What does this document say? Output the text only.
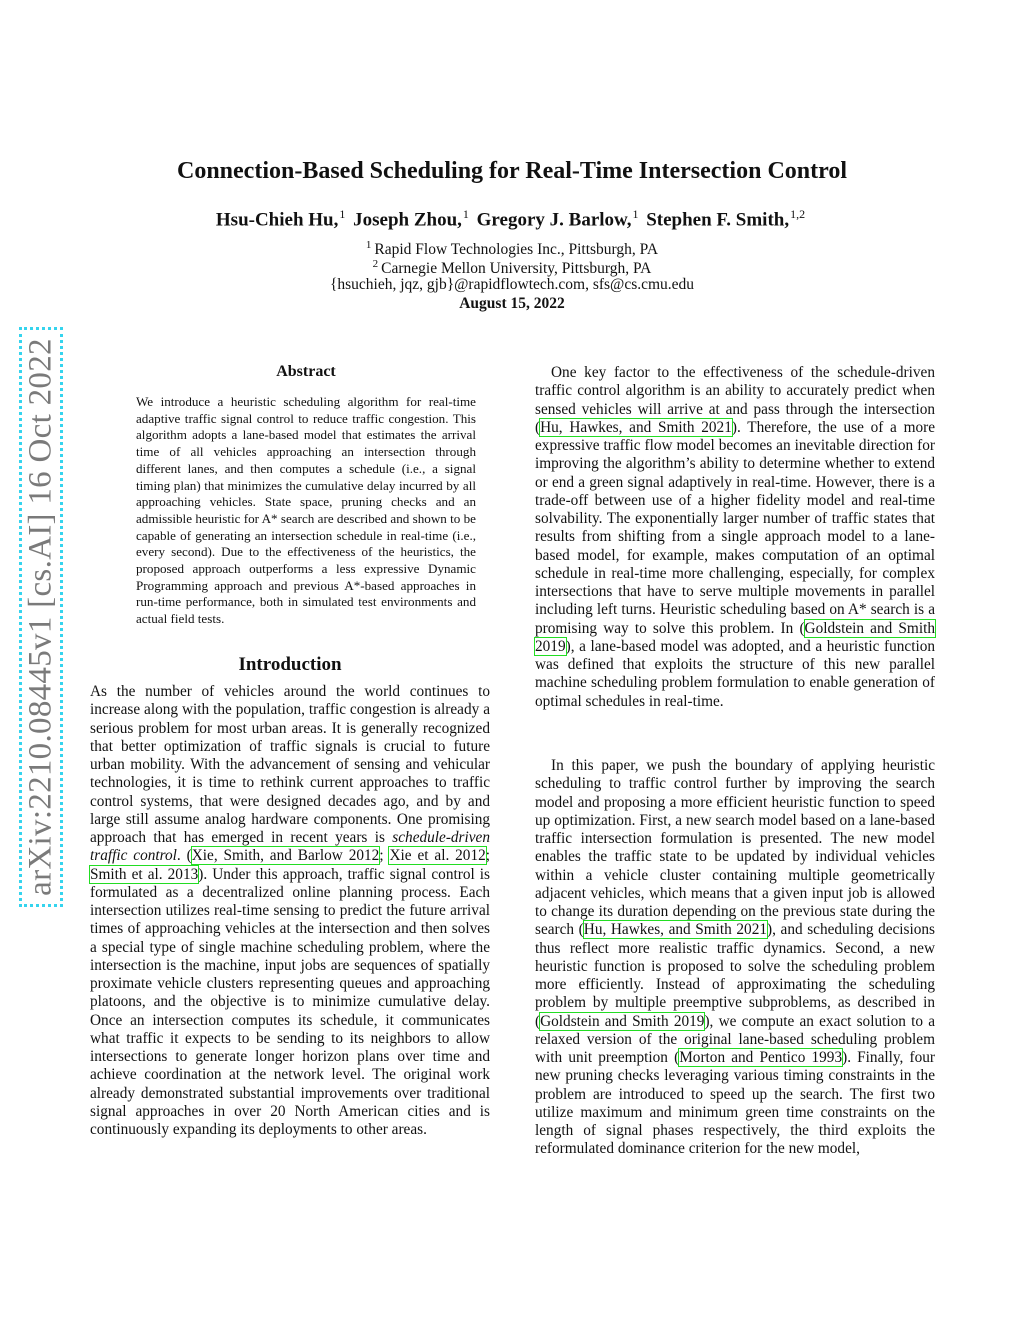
arXiv:2210.08445v1 [cs.AI] 16 Oct 2022
Connection-Based Scheduling for Real-Time Intersection Control
Hsu-Chieh Hu,$^1$ Joseph Zhou,$^1$ Gregory J. Barlow,$^1$ Stephen F. Smith,$^{1,2}$
$^1$ Rapid Flow Technologies Inc., Pittsburgh, PA
$^2$ Carnegie Mellon University, Pittsburgh, PA
{hsuchieh, jqz, gjb}@rapidflowtech.com, sfs@cs.cmu.edu
August 15, 2022
Abstract

We introduce a heuristic scheduling algorithm for real-time adaptive traffic signal control to reduce traffic congestion. This algorithm adopts a lane-based model that estimates the arrival time of all vehicles approaching an intersection through different lanes, and then computes a schedule (i.e., a signal timing plan) that minimizes the cumulative delay incurred by all approaching vehicles. State space, pruning checks and an admissible heuristic for A* search are described and shown to be capable of generating an intersection schedule in real-time (i.e., every second). Due to the effectiveness of the heuristics, the proposed approach outperforms a less expressive Dynamic Programming approach and previous A*-based approaches in run-time performance, both in simulated test environments and actual field tests.

Introduction

As the number of vehicles around the world continues to increase along with the population, traffic congestion is already a serious problem for most urban areas. It is generally recognized that better optimization of traffic signals is crucial to future urban mobility. With the advancement of sensing and vehicular technologies, it is time to rethink current approaches to traffic control systems, that were designed decades ago, and by and large still assume analog hardware components. One promising approach that has emerged in recent years is schedule-driven traffic control. (Xie, Smith, and Barlow 2012; Xie et al. 2012; Smith et al. 2013). Under this approach, traffic signal control is formulated as a decentralized online planning process. Each intersection utilizes real-time sensing to predict the future arrival times of approaching vehicles at the intersection and then solves a special type of single machine scheduling problem, where the intersection is the machine, input jobs are sequences of spatially proximate vehicle clusters representing queues and approaching platoons, and the objective is to minimize cumulative delay. Once an intersection computes its schedule, it communicates what traffic it expects to be sending to its neighbors to allow intersections to generate longer horizon plans over time and achieve coordination at the network level. The original work already demonstrated substantial improvements over traditional signal approaches in over 20 North American cities and is continuously expanding its deployments to other areas.

One key factor to the effectiveness of the schedule-driven traffic control algorithm is an ability to accurately predict when sensed vehicles will arrive at and pass through the intersection (Hu, Hawkes, and Smith 2021). Therefore, the use of a more expressive traffic flow model becomes an inevitable direction for improving the algorithm’s ability to determine whether to extend or end a green signal adaptively in real-time. However, there is a trade-off between use of a higher fidelity model and real-time solvability. The exponentially larger number of traffic states that results from shifting from a single approach model to a lane-based model, for example, makes computation of an optimal schedule in real-time more challenging, especially, for complex intersections that have to serve multiple movements in parallel including left turns. Heuristic scheduling based on A* search is a promising way to solve this problem. In (Goldstein and Smith 2019), a lane-based model was adopted, and a heuristic function was defined that exploits the structure of this new parallel machine scheduling problem formulation to enable generation of optimal schedules in real-time.

In this paper, we push the boundary of applying heuristic scheduling to traffic control further by improving the search model and proposing a more efficient heuristic function to speed up optimization. First, a new search model based on a lane-based traffic intersection formulation is presented. The new model enables the traffic state to be updated by individual vehicles within a vehicle cluster containing multiple geometrically adjacent vehicles, which means that a given input job is allowed to change its duration depending on the previous state during the search (Hu, Hawkes, and Smith 2021), and scheduling decisions thus reflect more realistic traffic dynamics. Second, a new heuristic function is proposed to solve the scheduling problem more efficiently. Instead of approximating the scheduling problem by multiple preemptive subproblems, as described in (Goldstein and Smith 2019), we compute an exact solution to a relaxed version of the original lane-based scheduling problem with unit preemption (Morton and Pentico 1993). Finally, four new pruning checks leveraging various timing constraints in the problem are introduced to speed up the search. The first two utilize maximum and minimum green time constraints on the length of signal phases respectively, the third exploits the reformulated dominance criterion for the new model,
